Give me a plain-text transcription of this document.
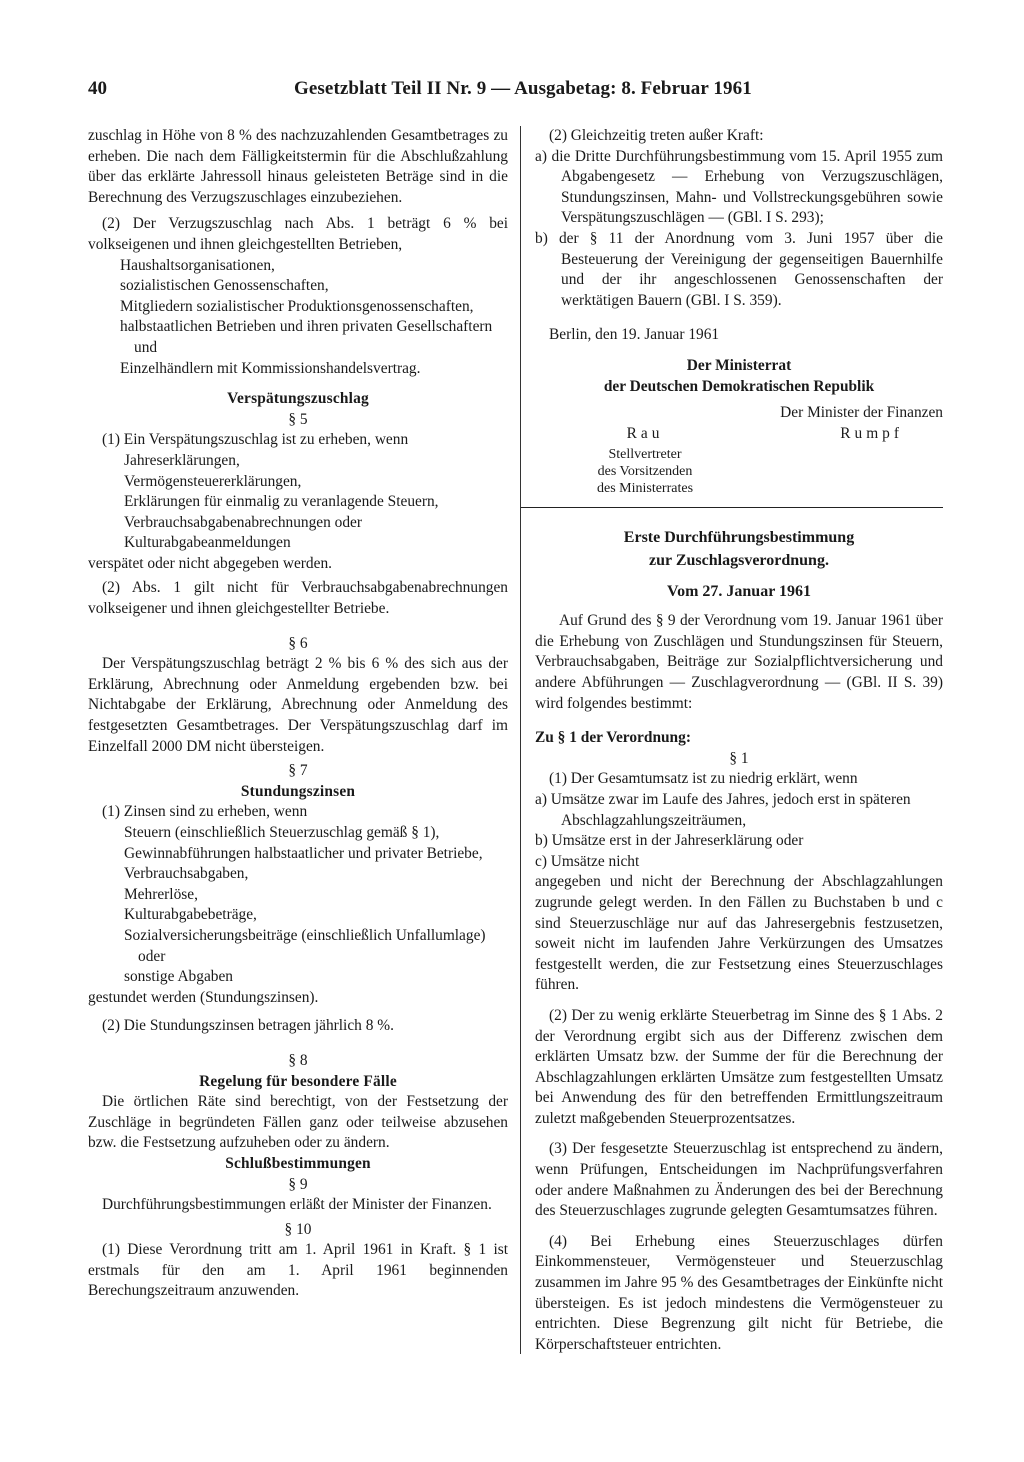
40	Gesetzblatt Teil II Nr. 9 — Ausgabetag: 8. Februar 1961

zuschlag in Höhe von 8 % des nachzuzahlenden Gesamtbetrages zu erheben. Die nach dem Fälligkeitstermin für die Abschlußzahlung über das erklärte Jahressoll hinaus geleisteten Beträge sind in die Berechnung des Verzugszuschlages einzubeziehen.

(2) Der Verzugszuschlag nach Abs. 1 beträgt 6 % bei volkseigenen und ihnen gleichgestellten Betrieben,

Haushaltsorganisationen,

sozialistischen Genossenschaften,

Mitgliedern sozialistischer Produktionsgenossenschaften,

halbstaatlichen Betrieben und ihren privaten Gesellschaftern und

Einzelhändlern mit Kommissionshandelsvertrag.

Verspätungszuschlag

§ 5

(1) Ein Verspätungszuschlag ist zu erheben, wenn

Jahreserklärungen,

Vermögensteuererklärungen,

Erklärungen für einmalig zu veranlagende Steuern,

Verbrauchsabgabenabrechnungen oder

Kulturabgabeanmeldungen

verspätet oder nicht abgegeben werden.

(2) Abs. 1 gilt nicht für Verbrauchsabgabenabrechnungen volkseigener und ihnen gleichgestellter Betriebe.

§ 6

Der Verspätungszuschlag beträgt 2 % bis 6 % des sich aus der Erklärung, Abrechnung oder Anmeldung ergebenden bzw. bei Nichtabgabe der Erklärung, Abrechnung oder Anmeldung des festgesetzten Gesamtbetrages. Der Verspätungszuschlag darf im Einzelfall 2000 DM nicht übersteigen.

§ 7

Stundungszinsen

(1) Zinsen sind zu erheben, wenn

Steuern (einschließlich Steuerzuschlag gemäß § 1),

Gewinnabführungen halbstaatlicher und privater Betriebe,

Verbrauchsabgaben,

Mehrerlöse,

Kulturabgabebeträge,

Sozialversicherungsbeiträge (einschließlich Unfallumlage) oder

sonstige Abgaben

gestundet werden (Stundungszinsen).

(2) Die Stundungszinsen betragen jährlich 8 %.

§ 8

Regelung für besondere Fälle

Die örtlichen Räte sind berechtigt, von der Festsetzung der Zuschläge in begründeten Fällen ganz oder teilweise abzusehen bzw. die Festsetzung aufzuheben oder zu ändern.

Schlußbestimmungen

§ 9

Durchführungsbestimmungen erläßt der Minister der Finanzen.

§ 10

(1) Diese Verordnung tritt am 1. April 1961 in Kraft. § 1 ist erstmals für den am 1. April 1961 beginnenden Berechungszeitraum anzuwenden.

(2) Gleichzeitig treten außer Kraft:

a) die Dritte Durchführungsbestimmung vom 15. April 1955 zum Abgabengesetz — Erhebung von Verzugszuschlägen, Stundungszinsen, Mahn- und Vollstreckungsgebühren sowie Verspätungszuschlägen — (GBl. I S. 293);

b) der § 11 der Anordnung vom 3. Juni 1957 über die Besteuerung der Vereinigung der gegenseitigen Bauernhilfe und der ihr angeschlossenen Genossenschaften der werktätigen Bauern (GBl. I S. 359).

Berlin, den 19. Januar 1961

Der Ministerrat

der Deutschen Demokratischen Republik

Der Minister der Finanzen

Rau	Rumpf

Stellvertreter

des Vorsitzenden

des Ministerrates

Erste Durchführungsbestimmung

zur Zuschlagsverordnung.

Vom 27. Januar 1961

Auf Grund des § 9 der Verordnung vom 19. Januar 1961 über die Erhebung von Zuschlägen und Stundungszinsen für Steuern, Verbrauchsabgaben, Beiträge zur Sozialpflichtversicherung und andere Abführungen — Zuschlagverordnung — (GBl. II S. 39) wird folgendes bestimmt:

Zu § 1 der Verordnung:

§ 1

(1) Der Gesamtumsatz ist zu niedrig erklärt, wenn

a) Umsätze zwar im Laufe des Jahres, jedoch erst in späteren Abschlagzahlungszeiträumen,

b) Umsätze erst in der Jahreserklärung oder

c) Umsätze nicht

angegeben und nicht der Berechnung der Abschlagzahlungen zugrunde gelegt werden. In den Fällen zu Buchstaben b und c sind Steuerzuschläge nur auf das Jahresergebnis festzusetzen, soweit nicht im laufenden Jahre Verkürzungen des Umsatzes festgestellt werden, die zur Festsetzung eines Steuerzuschlages führen.

(2) Der zu wenig erklärte Steuerbetrag im Sinne des § 1 Abs. 2 der Verordnung ergibt sich aus der Differenz zwischen dem erklärten Umsatz bzw. der Summe der für die Berechnung der Abschlagzahlungen erklärten Umsätze zum festgestellten Umsatz bei Anwendung des für den betreffenden Ermittlungszeitraum zuletzt maßgebenden Steuerprozentsatzes.

(3) Der fesgesetzte Steuerzuschlag ist entsprechend zu ändern, wenn Prüfungen, Entscheidungen im Nachprüfungsverfahren oder andere Maßnahmen zu Änderungen des bei der Berechnung des Steuerzuschlages zugrunde gelegten Gesamtumsatzes führen.

(4) Bei Erhebung eines Steuerzuschlages dürfen Einkommensteuer, Vermögensteuer und Steuerzuschlag zusammen im Jahre 95 % des Gesamtbetrages der Einkünfte nicht übersteigen. Es ist jedoch mindestens die Vermögensteuer zu entrichten. Diese Begrenzung gilt nicht für Betriebe, die Körperschaftsteuer entrichten.
